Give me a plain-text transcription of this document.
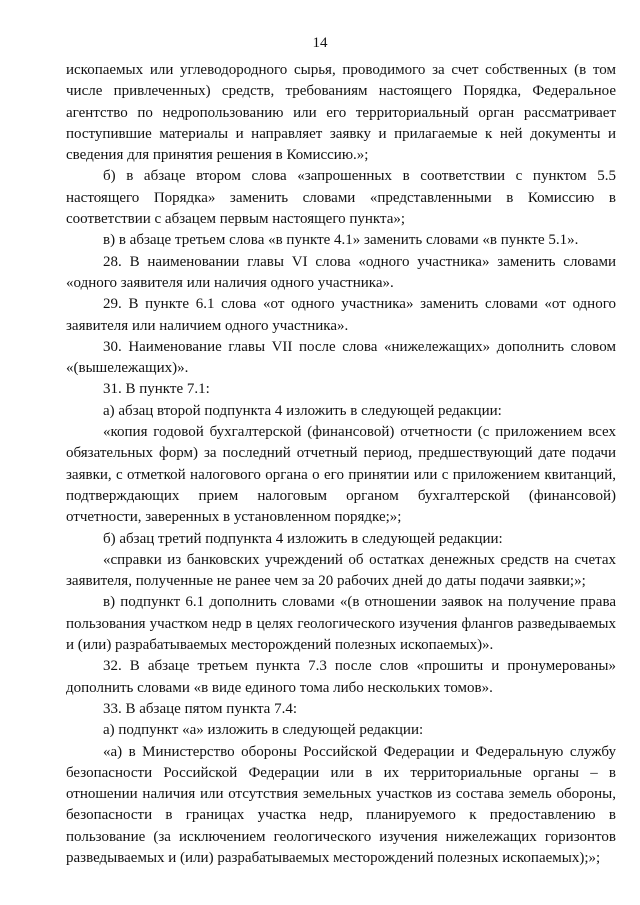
14

ископаемых или углеводородного сырья, проводимого за счет собственных (в том числе привлеченных) средств, требованиям настоящего Порядка, Федеральное агентство по недропользованию или его территориальный орган рассматривает поступившие материалы и направляет заявку и прилагаемые к ней документы и сведения для принятия решения в Комиссию.»;

б) в абзаце втором слова «запрошенных в соответствии с пунктом 5.5 настоящего Порядка» заменить словами «представленными в Комиссию в соответствии с абзацем первым настоящего пункта»;

в) в абзаце третьем слова «в пункте 4.1» заменить словами «в пункте 5.1».

28. В наименовании главы VI слова «одного участника» заменить словами «одного заявителя или наличия одного участника».

29. В пункте 6.1 слова «от одного участника» заменить словами «от одного заявителя или наличием одного участника».

30. Наименование главы VII после слова «нижележащих» дополнить словом «(вышележащих)».

31. В пункте 7.1:

а) абзац второй подпункта 4 изложить в следующей редакции:

«копия годовой бухгалтерской (финансовой) отчетности (с приложением всех обязательных форм) за последний отчетный период, предшествующий дате подачи заявки, с отметкой налогового органа о его принятии или с приложением квитанций, подтверждающих прием налоговым органом бухгалтерской (финансовой) отчетности, заверенных в установленном порядке;»;

б) абзац третий подпункта 4 изложить в следующей редакции:

«справки из банковских учреждений об остатках денежных средств на счетах заявителя, полученные не ранее чем за 20 рабочих дней до даты подачи заявки;»;

в) подпункт 6.1 дополнить словами «(в отношении заявок на получение права пользования участком недр в целях геологического изучения флангов разведываемых и (или) разрабатываемых месторождений полезных ископаемых)».

32. В абзаце третьем пункта 7.3 после слов «прошиты и пронумерованы» дополнить словами «в виде единого тома либо нескольких томов».

33. В абзаце пятом пункта 7.4:

а) подпункт «а» изложить в следующей редакции:

«а) в Министерство обороны Российской Федерации и Федеральную службу безопасности Российской Федерации или в их территориальные органы – в отношении наличия или отсутствия земельных участков из состава земель обороны, безопасности в границах участка недр, планируемого к предоставлению в пользование (за исключением геологического изучения нижележащих горизонтов разведываемых и (или) разрабатываемых месторождений полезных ископаемых);»;
